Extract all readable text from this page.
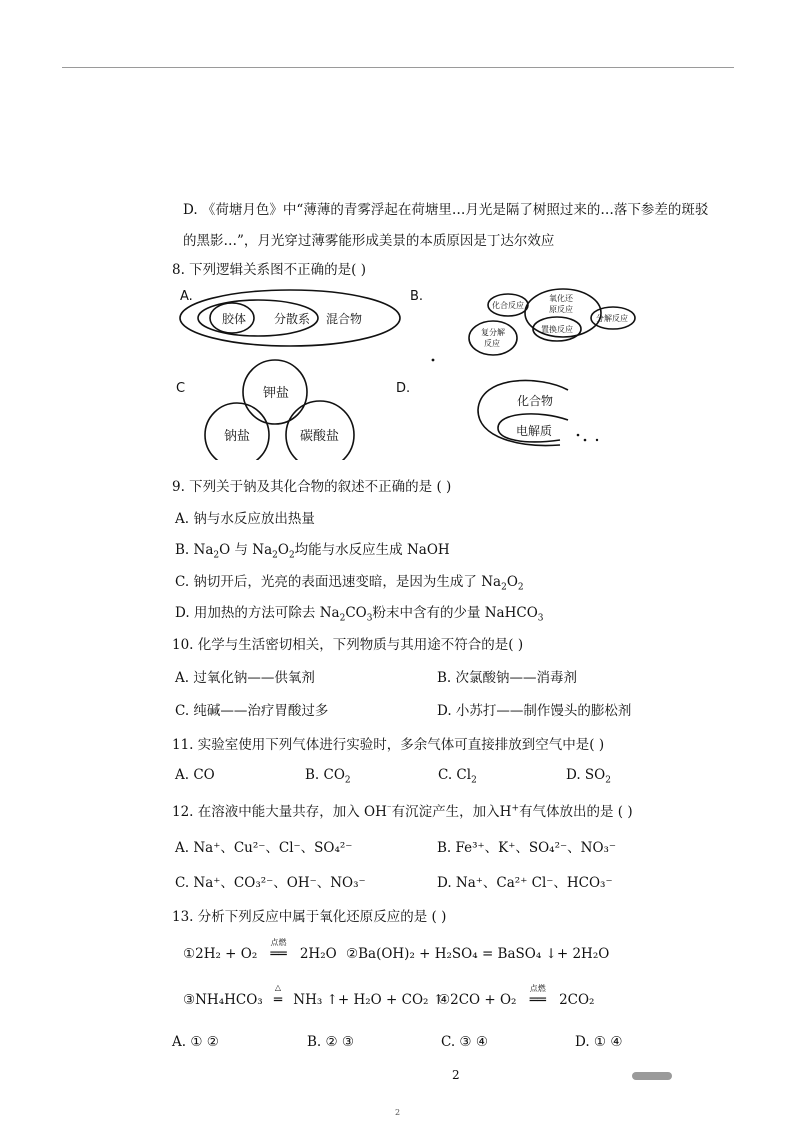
D. 《荷塘月色》中“薄薄的青雾浮起在荷塘里…月光是隔了树照过来的…落下参差的斑驳
的黑影…”，月光穿过薄雾能形成美景的本质原因是丁达尔效应
8. 下列逻辑关系图不正确的是( )
A.
胶体 分散系 混合物
B.
化合反应
氧化还
原反应
分解反应
复分解
反应
置换反应
C	钾盐
钠盐	碳酸盐
D.
化合物
电解质
9. 下列关于钠及其化合物的叙述不正确的是 ( )
A. 钠与水反应放出热量
B. $Na_2O$ 与 $Na_2O_2$均能与水反应生成 NaOH
C. 钠切开后，光亮的表面迅速变暗，是因为生成了 $Na_2O_2$
D. 用加热的方法可除去 $Na_2CO_3$粉末中含有的少量 NaHCO$_3$
10. 化学与生活密切相关，下列物质与其用途不符合的是( )
A. 过氧化钠——供氧剂	B. 次氯酸钠——消毒剂
C. 纯碱——治疗胃酸过多	D. 小苏打——制作馒头的膨松剂
11. 实验室使用下列气体进行实验时，多余气体可直接排放到空气中是( )
A. CO	B. $CO_2$	C. $Cl_2$	D. $SO_2$
12. 在溶液中能大量共存，加入 OH⁻有沉淀产生，加入H+有气体放出的是 ( )
A. Na⁺、Cu²⁻、Cl⁻、SO₄²⁻	B. Fe³⁺、K⁺、SO₄²⁻、NO₃⁻
C. Na⁺、CO₃²⁻、OH⁻、NO₃⁻	D. Na⁺、Ca²⁺ Cl⁻、HCO₃⁻
13. 分析下列反应中属于氧化还原反应的是 ( )
①2H₂ + O₂
点燃
══ 2H₂O ②Ba(OH)₂ + H₂SO₄ = BaSO₄ ↓+ 2H₂O
③NH₄HCO₃
△
═ NH₃ ↑+ H₂O + CO₂ ↑
④2CO + O₂
点燃
══ 2CO₂
A. ① ②	B. ② ③	C. ③ ④	D. ① ④
2
2
